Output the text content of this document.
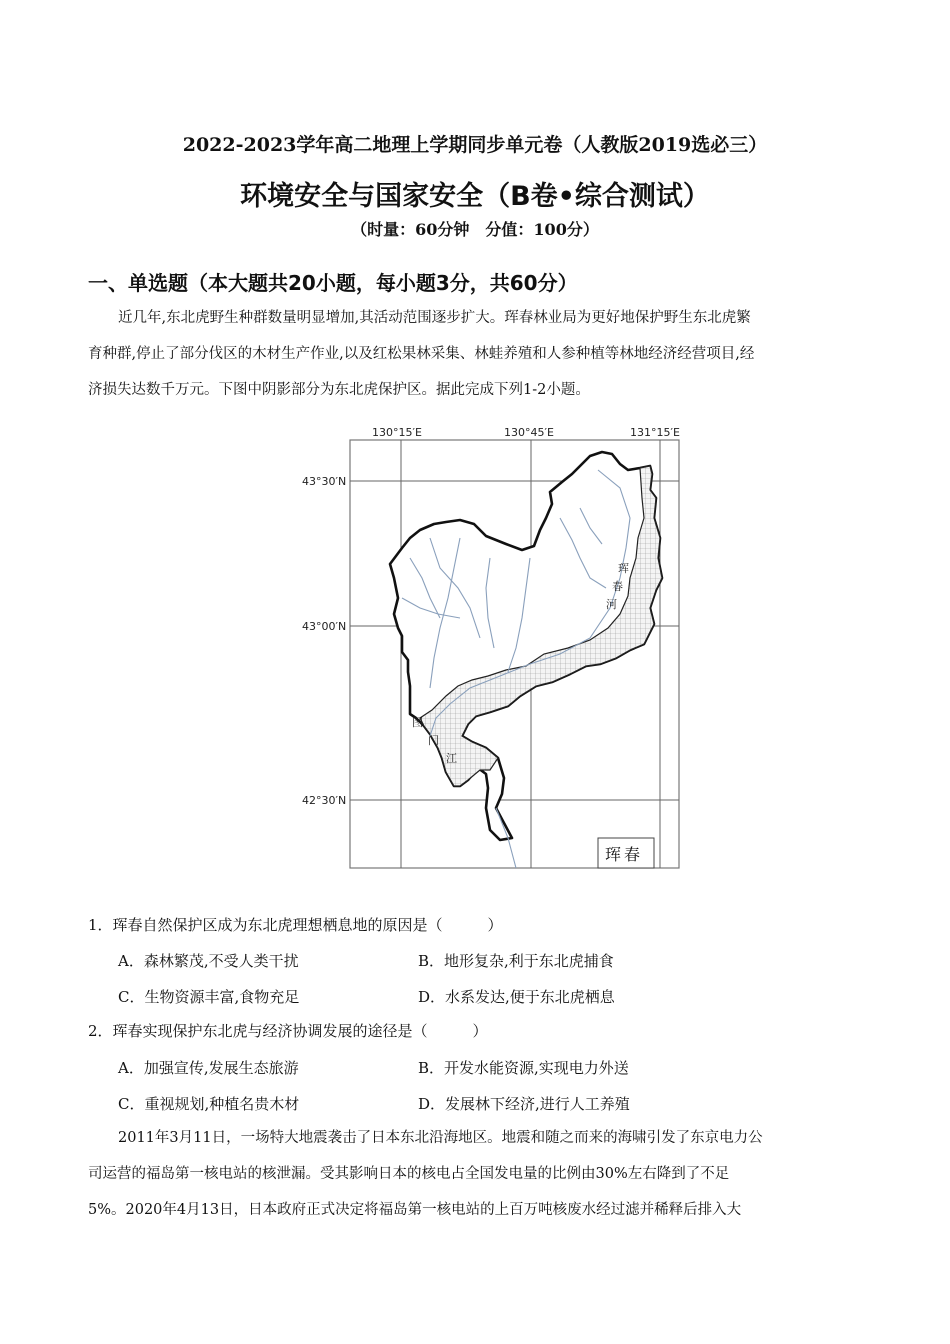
2022-2023学年高二地理上学期同步单元卷（人教版2019选必三）
环境安全与国家安全（B卷•综合测试）
（时量：60分钟　分值：100分）
一、单选题（本大题共20小题，每小题3分，共60分）
近几年,东北虎野生种群数量明显增加,其活动范围逐步扩大。珲春林业局为更好地保护野生东北虎繁
育种群,停止了部分伐区的木材生产作业,以及红松果林采集、林蛙养殖和人参种植等林地经济经营项目,经
济损失达数千万元。下图中阴影部分为东北虎保护区。据此完成下列1-2小题。
130°15′E	130°45′E	131°15′E
43°30′N
43°00′N
42°30′N
珲
春
河
图
门
江
珲春
1．珲春自然保护区成为东北虎理想栖息地的原因是（　　　）
A．森林繁茂,不受人类干扰	B．地形复杂,利于东北虎捕食
C．生物资源丰富,食物充足	D．水系发达,便于东北虎栖息
2．珲春实现保护东北虎与经济协调发展的途径是（　　　）
A．加强宣传,发展生态旅游	B．开发水能资源,实现电力外送
C．重视规划,种植名贵木材	D．发展林下经济,进行人工养殖
2011年3月11日，一场特大地震袭击了日本东北沿海地区。地震和随之而来的海啸引发了东京电力公
司运营的福岛第一核电站的核泄漏。受其影响日本的核电占全国发电量的比例由30%左右降到了不足
5%。2020年4月13日，日本政府正式决定将福岛第一核电站的上百万吨核废水经过滤并稀释后排入大
